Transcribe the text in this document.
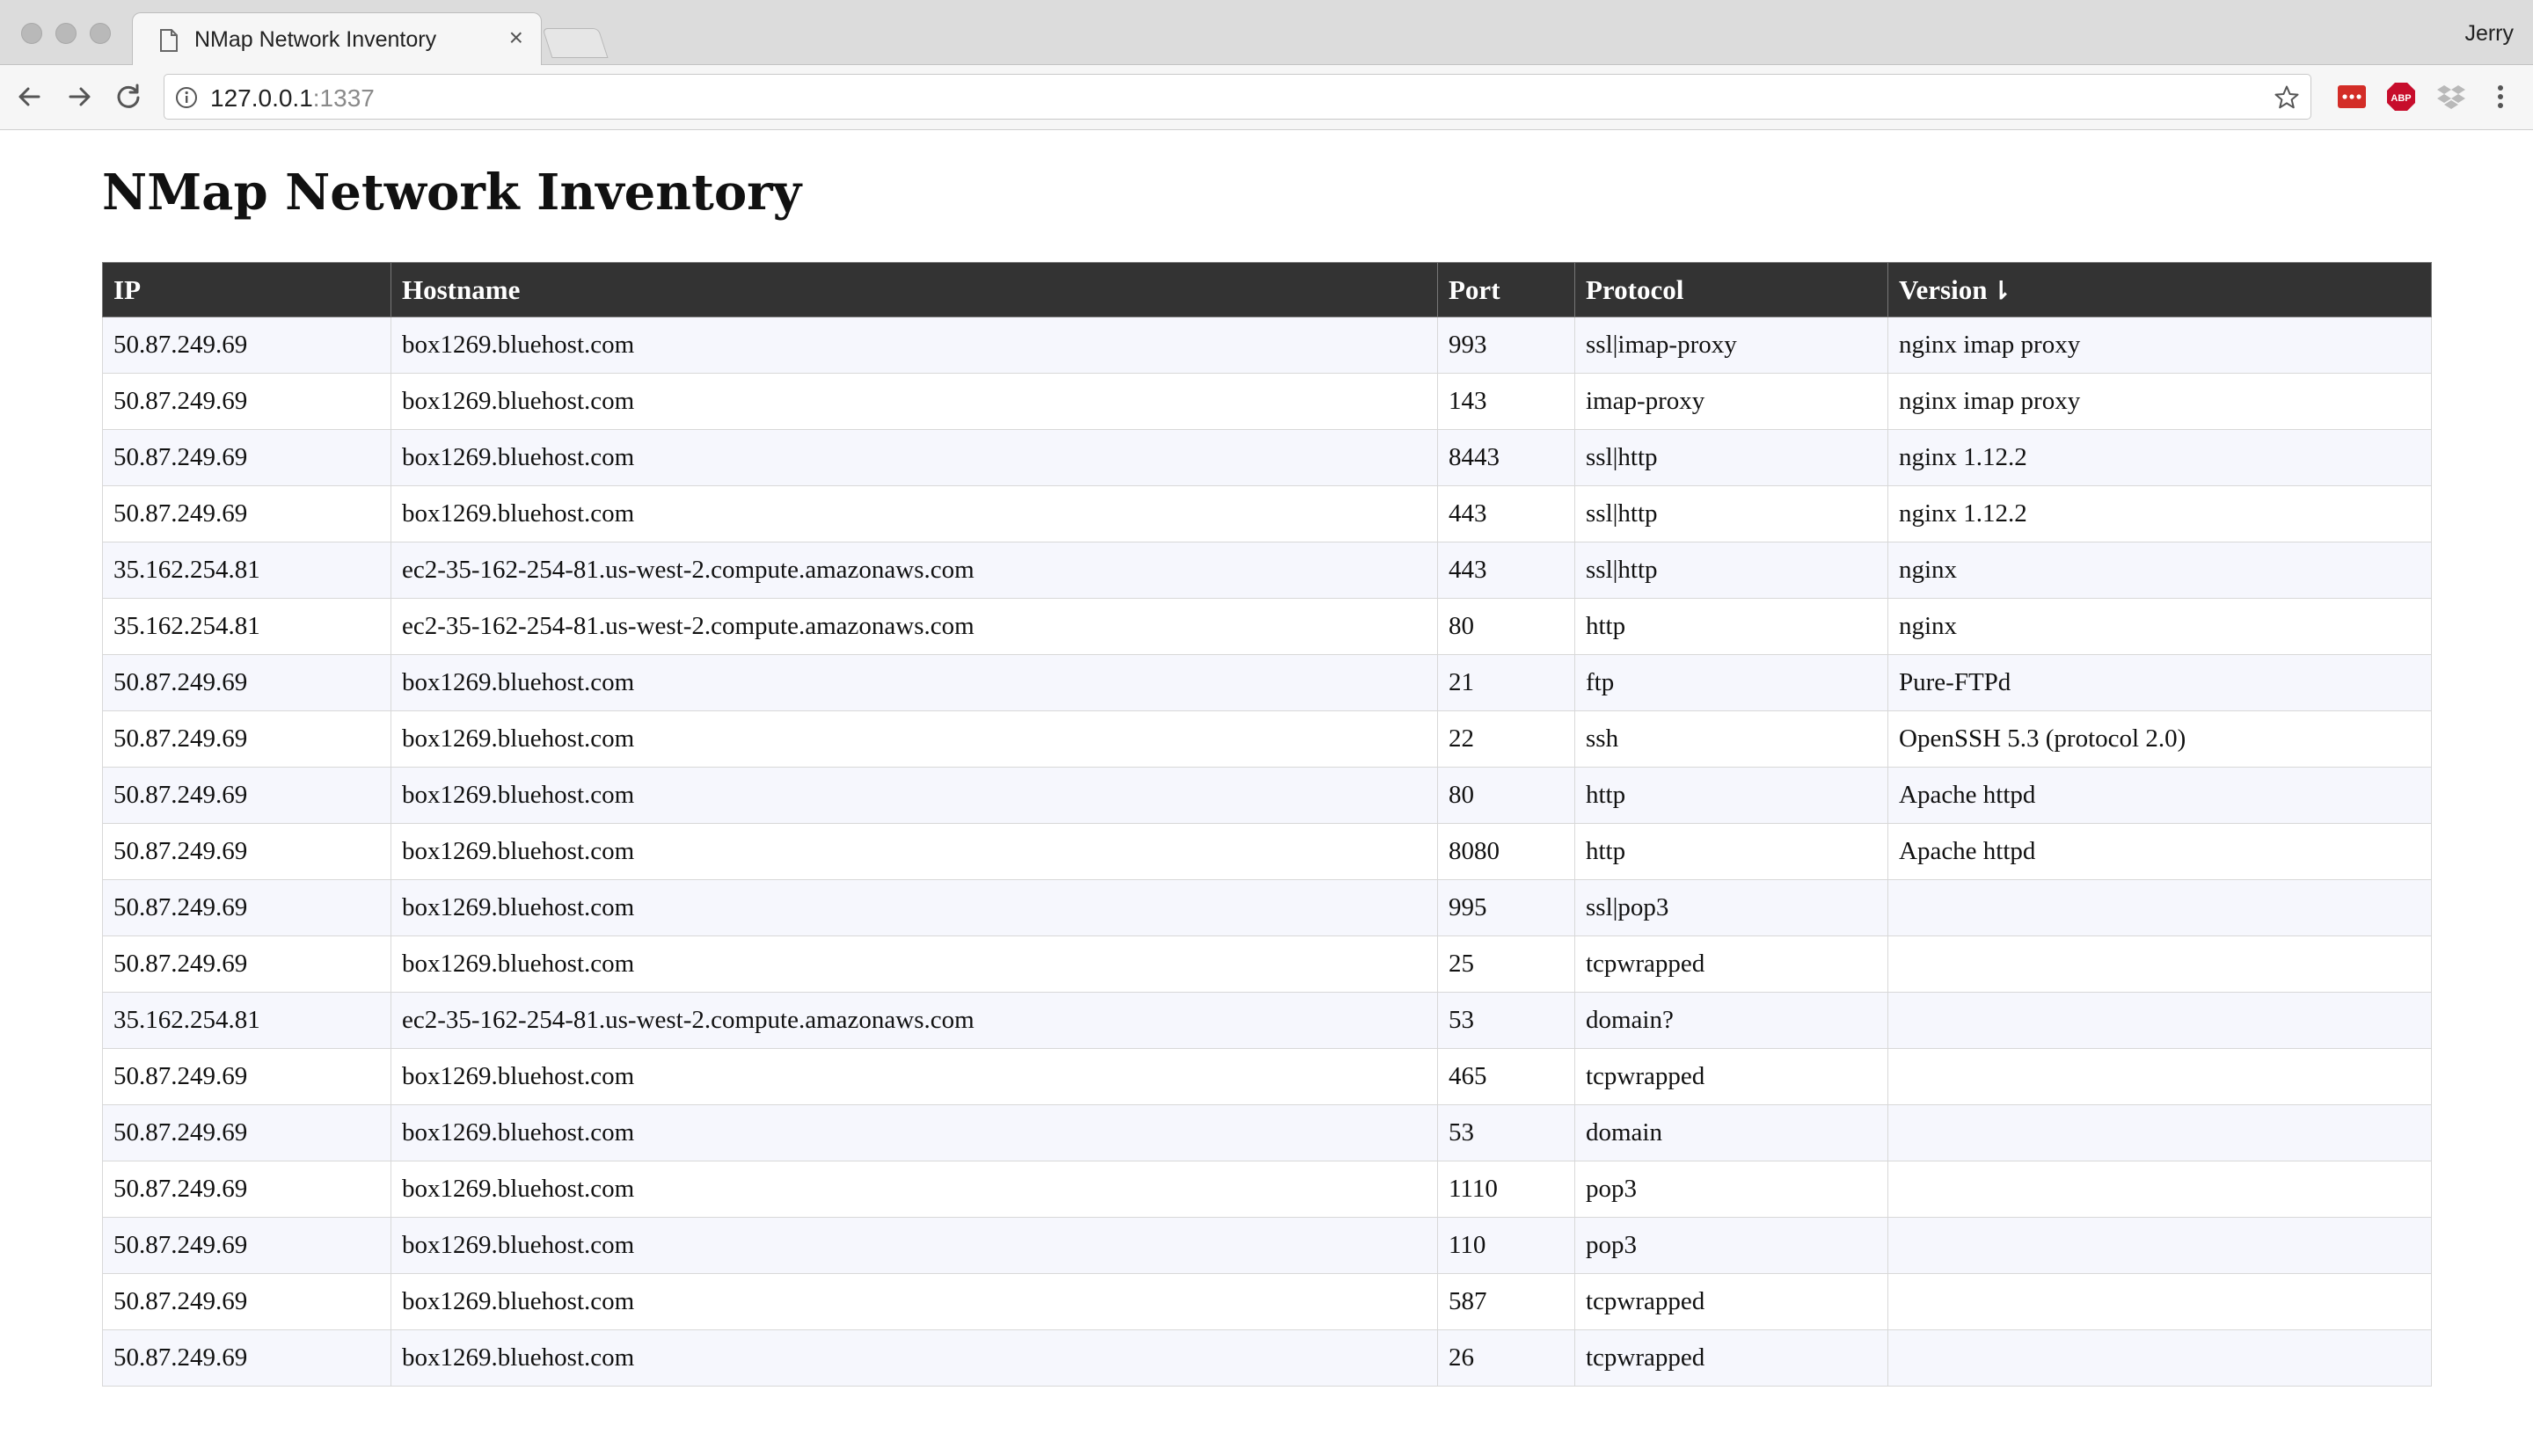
NMap Network Inventory	×	Jerry
127.0.0.1:1337	ABP
NMap Network Inventory
IP	Hostname	Port	Protocol	Version ⇂
50.87.249.69	box1269.bluehost.com	993	ssl|imap-proxy	nginx imap proxy
50.87.249.69	box1269.bluehost.com	143	imap-proxy	nginx imap proxy
50.87.249.69	box1269.bluehost.com	8443	ssl|http	nginx 1.12.2
50.87.249.69	box1269.bluehost.com	443	ssl|http	nginx 1.12.2
35.162.254.81	ec2-35-162-254-81.us-west-2.compute.amazonaws.com	443	ssl|http	nginx
35.162.254.81	ec2-35-162-254-81.us-west-2.compute.amazonaws.com	80	http	nginx
50.87.249.69	box1269.bluehost.com	21	ftp	Pure-FTPd
50.87.249.69	box1269.bluehost.com	22	ssh	OpenSSH 5.3 (protocol 2.0)
50.87.249.69	box1269.bluehost.com	80	http	Apache httpd
50.87.249.69	box1269.bluehost.com	8080	http	Apache httpd
50.87.249.69	box1269.bluehost.com	995	ssl|pop3	
50.87.249.69	box1269.bluehost.com	25	tcpwrapped	
35.162.254.81	ec2-35-162-254-81.us-west-2.compute.amazonaws.com	53	domain?	
50.87.249.69	box1269.bluehost.com	465	tcpwrapped	
50.87.249.69	box1269.bluehost.com	53	domain	
50.87.249.69	box1269.bluehost.com	1110	pop3	
50.87.249.69	box1269.bluehost.com	110	pop3	
50.87.249.69	box1269.bluehost.com	587	tcpwrapped	
50.87.249.69	box1269.bluehost.com	26	tcpwrapped	
